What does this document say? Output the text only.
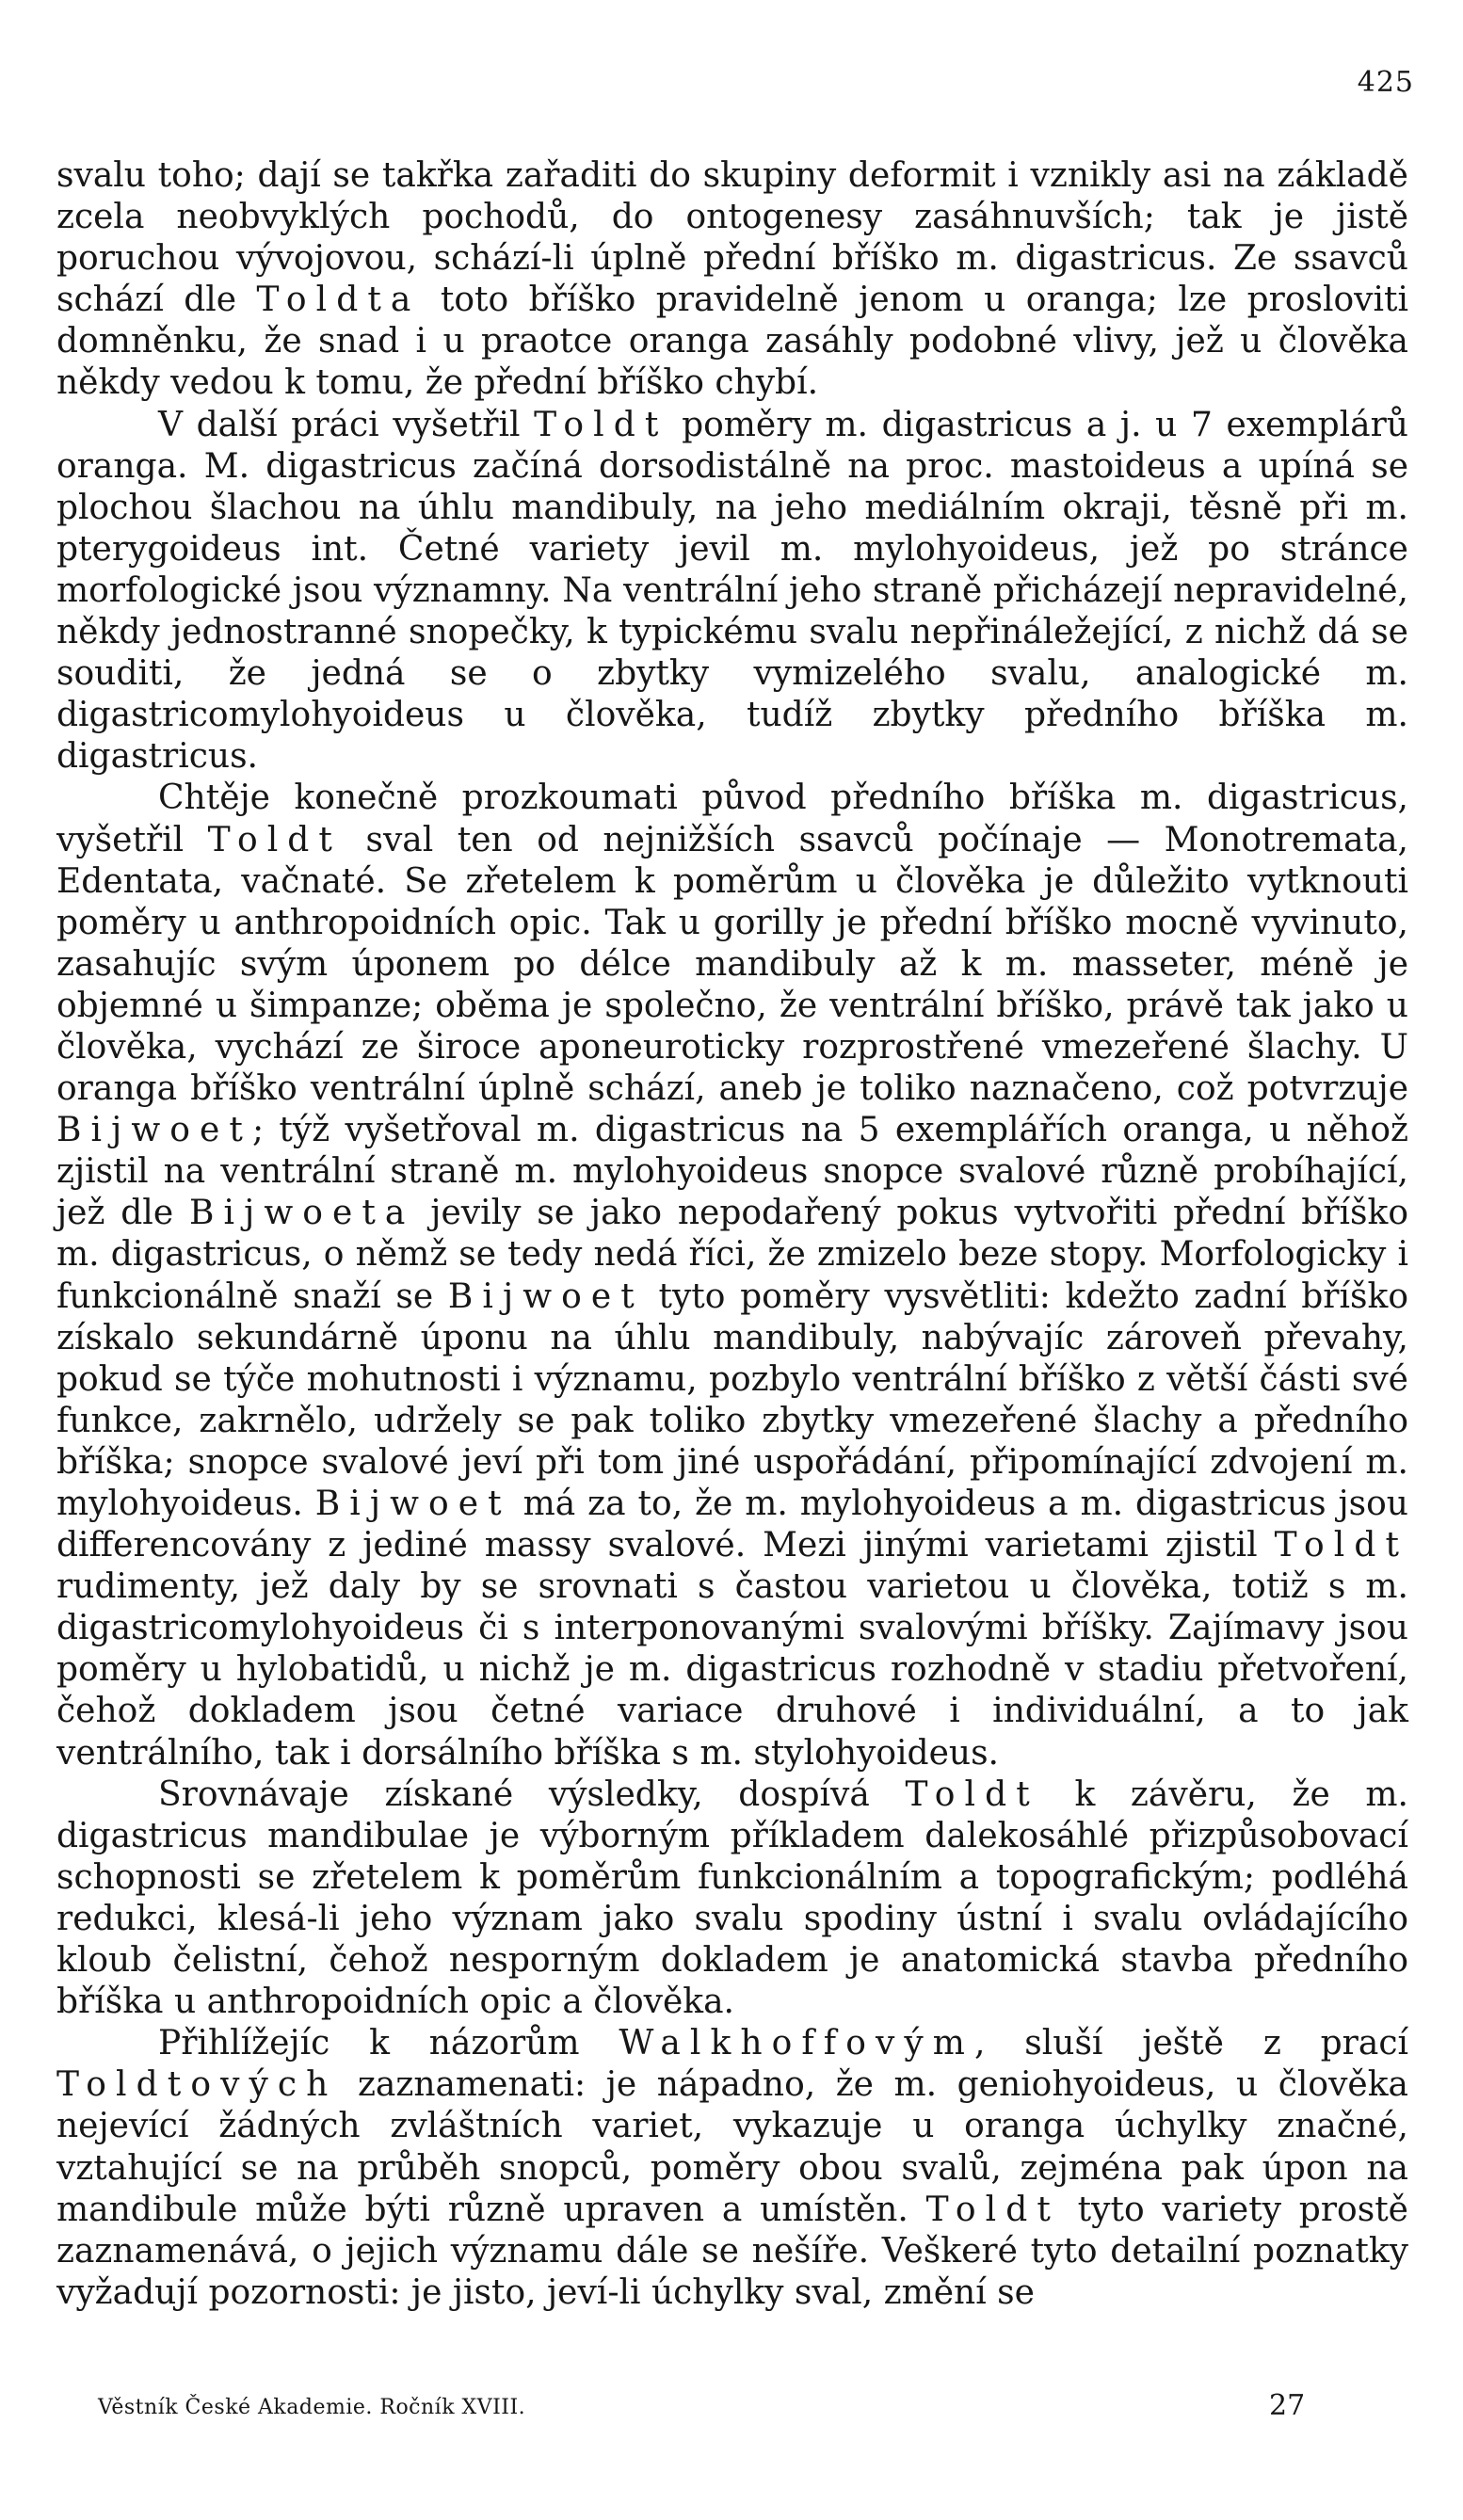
425

svalu toho; dají se takřka zařaditi do skupiny deformit i vznikly asi na základě zcela neobvyklých pochodů, do ontogenesy zasáhnuvších; tak je jistě poruchou vývojovou, schází-li úplně přední bříško m. digastricus. Ze ssavců schází dle Toldta toto bříško pravidelně jenom u oranga; lze prosloviti domněnku, že snad i u praotce oranga zasáhly podobné vlivy, jež u člověka někdy vedou k tomu, že přední bříško chybí.

V další práci vyšetřil Toldt poměry m. digastricus a j. u 7 exemplárů oranga. M. digastricus začíná dorsodistálně na proc. mastoideus a upíná se plochou šlachou na úhlu mandibuly, na jeho mediálním okraji, těsně při m. pterygoideus int. Četné variety jevil m. mylohyoideus, jež po stránce morfologické jsou významny. Na ventrální jeho straně přicházejí nepravidelné, někdy jednostranné snopečky, k typickému svalu nepřináležející, z nichž dá se souditi, že jedná se o zbytky vymizelého svalu, analogické m. digastricomylohyoideus u člověka, tudíž zbytky předního bříška m. digastricus.

Chtěje konečně prozkoumati původ předního bříška m. digastricus, vyšetřil Toldt sval ten od nejnižších ssavců počínaje — Monotremata, Edentata, vačnaté. Se zřetelem k poměrům u člověka je důležito vytknouti poměry u anthropoidních opic. Tak u gorilly je přední bříško mocně vyvinuto, zasahujíc svým úponem po délce mandibuly až k m. masseter, méně je objemné u šimpanze; oběma je společno, že ventrální bříško, právě tak jako u člověka, vychází ze široce aponeuroticky rozprostřené vmezeřené šlachy. U oranga bříško ventrální úplně schází, aneb je toliko naznačeno, což potvrzuje Bijwoet; týž vyšetřoval m. digastricus na 5 exemplářích oranga, u něhož zjistil na ventrální straně m. mylohyoideus snopce svalové různě probíhající, jež dle Bijwoeta jevily se jako nepodařený pokus vytvořiti přední bříško m. digastricus, o němž se tedy nedá říci, že zmizelo beze stopy. Morfologicky i funkcionálně snaží se Bijwoet tyto poměry vysvětliti: kdežto zadní bříško získalo sekundárně úponu na úhlu mandibuly, nabývajíc zároveň převahy, pokud se týče mohutnosti i významu, pozbylo ventrální bříško z větší části své funkce, zakrnělo, udržely se pak toliko zbytky vmezeřené šlachy a předního bříška; snopce svalové jeví při tom jiné uspořádání, připomínající zdvojení m. mylohyoideus. Bijwoet má za to, že m. mylohyoideus a m. digastricus jsou differencovány z jediné massy svalové. Mezi jinými varietami zjistil Toldt rudimenty, jež daly by se srovnati s častou varietou u člověka, totiž s m. digastricomylohyoideus či s interponovanými svalovými bříšky. Zajímavy jsou poměry u hylobatidů, u nichž je m. digastricus rozhodně v stadiu přetvoření, čehož dokladem jsou četné variace druhové i individuální, a to jak ventrálního, tak i dorsálního bříška s m. stylohyoideus.

Srovnávaje získané výsledky, dospívá Toldt k závěru, že m. digastricus mandibulae je výborným příkladem dalekosáhlé přizpůsobovací schopnosti se zřetelem k poměrům funkcionálním a topografickým; podléhá redukci, klesá-li jeho význam jako svalu spodiny ústní i svalu ovládajícího kloub čelistní, čehož nesporným dokladem je anatomická stavba předního bříška u anthropoidních opic a člověka.

Přihlížejíc k názorům Walkhoffovým, sluší ještě z prací Toldtových zaznamenati: je nápadno, že m. geniohyoideus, u člověka nejevící žádných zvláštních variet, vykazuje u oranga úchylky značné, vztahující se na průběh snopců, poměry obou svalů, zejména pak úpon na mandibule může býti různě upraven a umístěn. Toldt tyto variety prostě zaznamenává, o jejich významu dále se nešíře. Veškeré tyto detailní poznatky vyžadují pozornosti: je jisto, jeví-li úchylky sval, změní se

Věstník České Akademie. Ročník XVIII.	27
